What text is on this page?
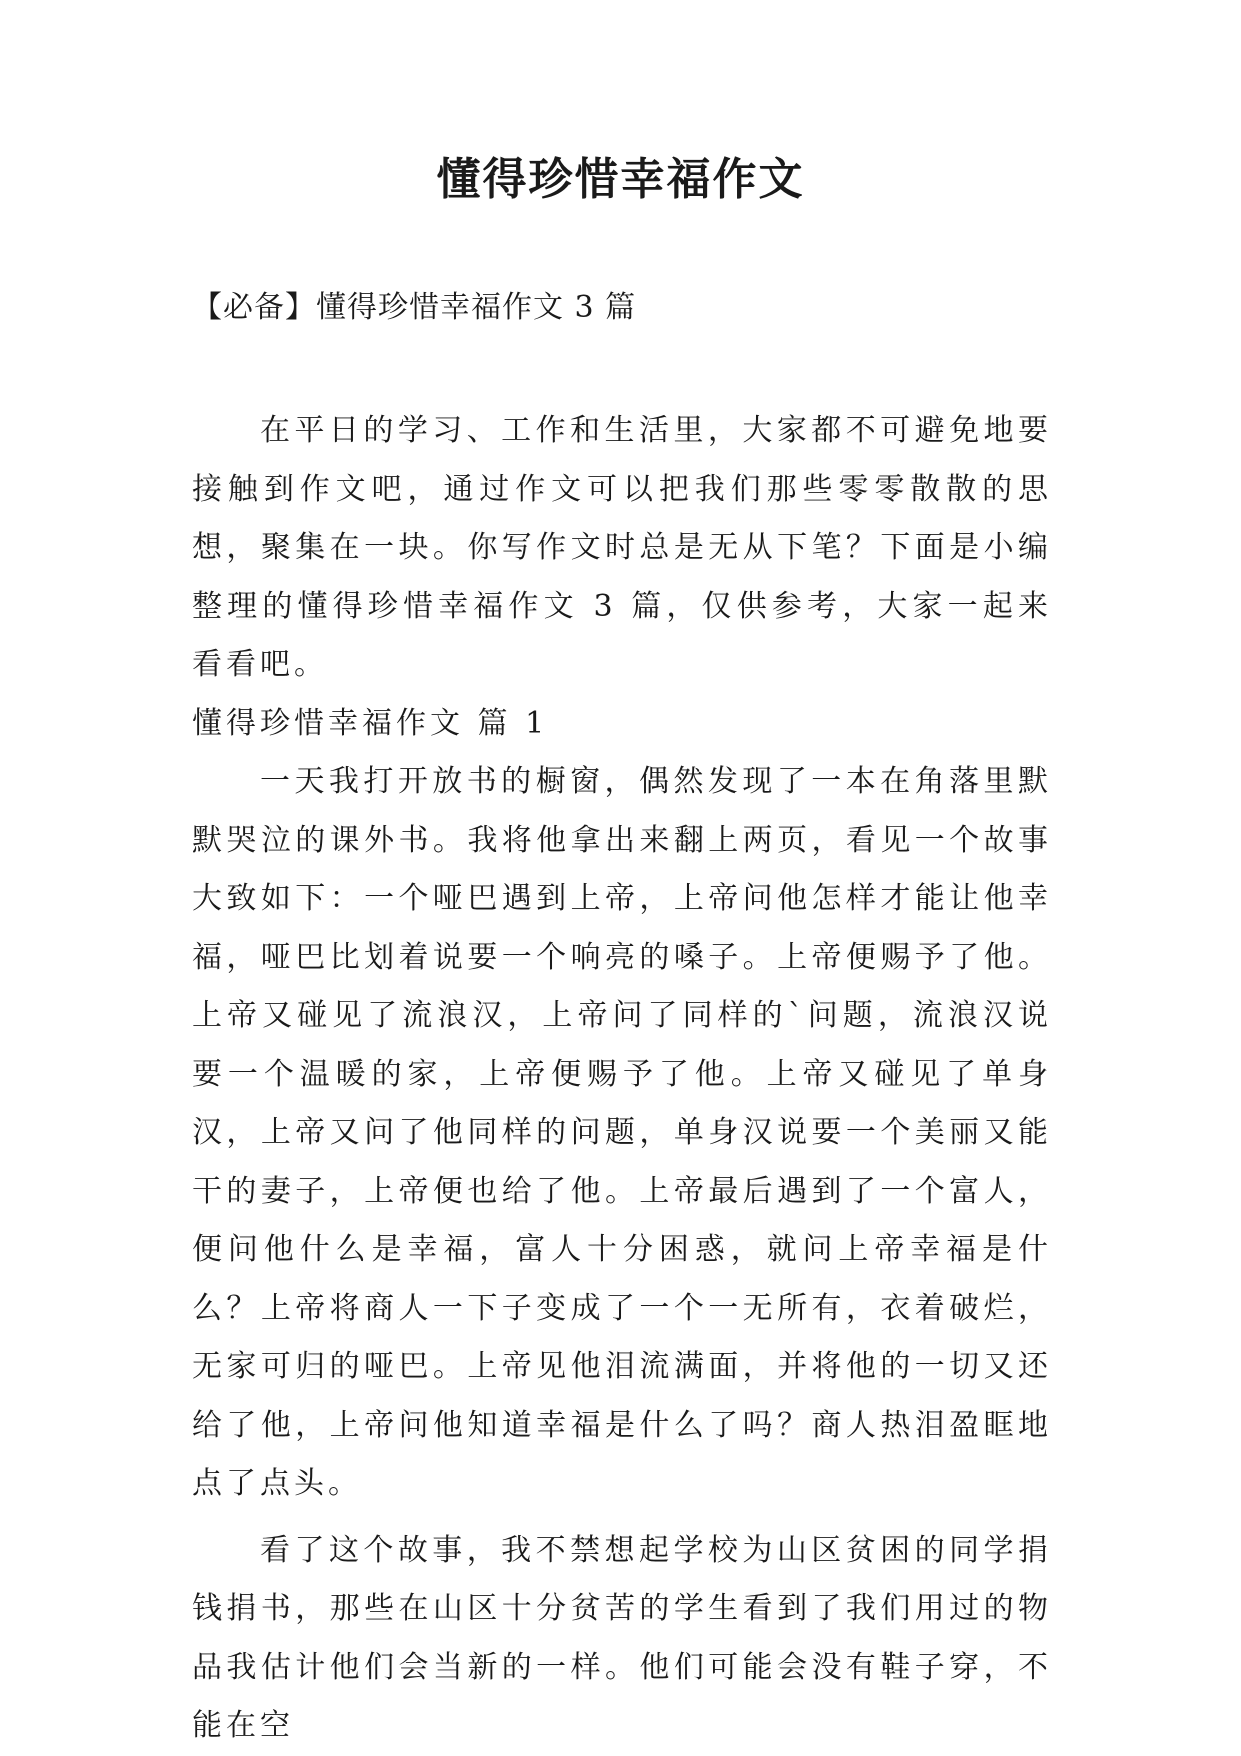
懂得珍惜幸福作文

【必备】懂得珍惜幸福作文 3 篇

在平日的学习、工作和生活里，大家都不可避免地要接触到作文吧，通过作文可以把我们那些零零散散的思想，聚集在一块。你写作文时总是无从下笔？下面是小编整理的懂得珍惜幸福作文 3 篇，仅供参考，大家一起来看看吧。

懂得珍惜幸福作文 篇 1

一天我打开放书的橱窗，偶然发现了一本在角落里默默哭泣的课外书。我将他拿出来翻上两页，看见一个故事大致如下：一个哑巴遇到上帝，上帝问他怎样才能让他幸福，哑巴比划着说要一个响亮的嗓子。上帝便赐予了他。上帝又碰见了流浪汉，上帝问了同样的`问题，流浪汉说要一个温暖的家，上帝便赐予了他。上帝又碰见了单身汉，上帝又问了他同样的问题，单身汉说要一个美丽又能干的妻子，上帝便也给了他。上帝最后遇到了一个富人，便问他什么是幸福，富人十分困惑，就问上帝幸福是什么？上帝将商人一下子变成了一个一无所有，衣着破烂，无家可归的哑巴。上帝见他泪流满面，并将他的一切又还给了他，上帝问他知道幸福是什么了吗？商人热泪盈眶地点了点头。

看了这个故事，我不禁想起学校为山区贫困的同学捐钱捐书，那些在山区十分贫苦的学生看到了我们用过的物品我估计他们会当新的一样。他们可能会没有鞋子穿，不能在空
